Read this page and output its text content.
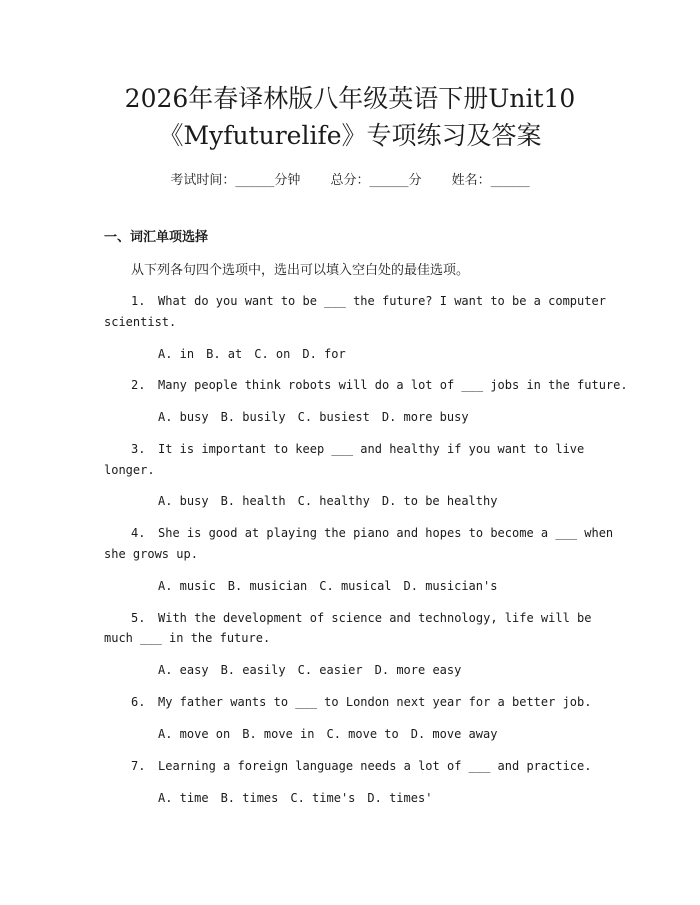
2026年春译林版八年级英语下册Unit10
《Myfuturelife》专项练习及答案
考试时间：______分钟 总分：______分 姓名：______
一、词汇单项选择
从下列各句四个选项中，选出可以填入空白处的最佳选项。
1. What do you want to be ___ the future? I want to be a computer
scientist.
A. in B. at C. on D. for
2. Many people think robots will do a lot of ___ jobs in the future.
A. busy B. busily C. busiest D. more busy
3. It is important to keep ___ and healthy if you want to live
longer.
A. busy B. health C. healthy D. to be healthy
4. She is good at playing the piano and hopes to become a ___ when
she grows up.
A. music B. musician C. musical D. musician's
5. With the development of science and technology, life will be
much ___ in the future.
A. easy B. easily C. easier D. more easy
6. My father wants to ___ to London next year for a better job.
A. move on B. move in C. move to D. move away
7. Learning a foreign language needs a lot of ___ and practice.
A. time B. times C. time's D. times'
